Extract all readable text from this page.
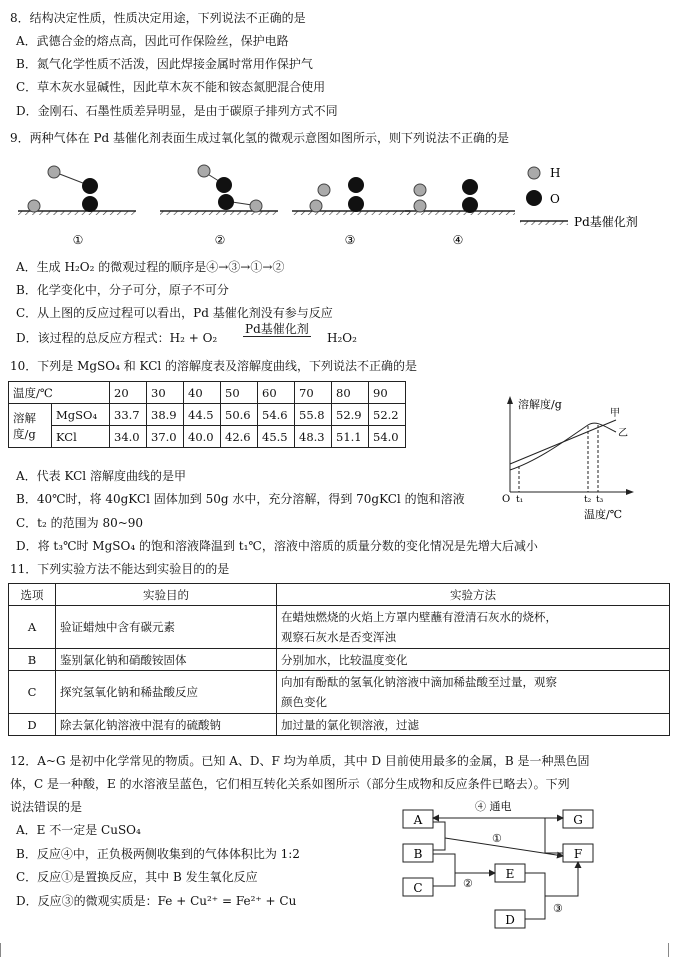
8．结构决定性质，性质决定用途，下列说法不正确的是
A．武德合金的熔点高，因此可作保险丝，保护电路
B．氮气化学性质不活泼，因此焊接金属时常用作保护气
C．草木灰水显碱性，因此草木灰不能和铵态氮肥混合使用
D．金刚石、石墨性质差异明显，是由于碳原子排列方式不同
9．两种气体在 Pd 基催化剂表面生成过氧化氢的微观示意图如图所示，则下列说法不正确的是
①	②	③	④
H
O
Pd基催化剂
A．生成 H₂O₂ 的微观过程的顺序是④→③→①→②
B．化学变化中，分子可分，原子不可分
C．从上图的反应过程可以看出，Pd 基催化剂没有参与反应
D．该过程的总反应方程式：H₂ + O₂
Pd基催化剂
H₂O₂
10．下列是 MgSO₄ 和 KCl 的溶解度表及溶解度曲线，下列说法不正确的是
温度/℃		20	30	40	50	60	70	80	90
溶解度/g	MgSO₄	33.7	38.9	44.5	50.6	54.6	55.8	52.9	52.2
	KCl	34.0	37.0	40.0	42.6	45.5	48.3	51.1	54.0
溶解度/g
甲
乙
O t₁	t₂ t₃
温度/℃
A．代表 KCl 溶解度曲线的是甲
B．40℃时，将 40gKCl 固体加到 50g 水中，充分溶解，得到 70gKCl 的饱和溶液
C．t₂ 的范围为 80~90
D．将 t₃℃时 MgSO₄ 的饱和溶液降温到 t₁℃，溶液中溶质的质量分数的变化情况是先增大后减小
11．下列实验方法不能达到实验目的的是
选项	实验目的	实验方法
A	验证蜡烛中含有碳元素	在蜡烛燃烧的火焰上方罩内壁蘸有澄清石灰水的烧杯，
观察石灰水是否变浑浊

B	鉴别氯化钠和硝酸铵固体	分别加水，比较温度变化
C	探究氢氧化钠和稀盐酸反应	向加有酚酞的氢氧化钠溶液中滴加稀盐酸至过量，观察
颜色变化

D	除去氯化钠溶液中混有的硫酸钠	加过量的氯化钡溶液，过滤
12．A~G 是初中化学常见的物质。已知 A、D、F 均为单质，其中 D 目前使用最多的金属，B 是一种黑色固
体，C 是一种酸，E 的水溶液呈蓝色，它们相互转化关系如图所示（部分生成物和反应条件已略去）。下列
说法错误的是
A．E 不一定是 CuSO₄
B．反应④中，正负极两侧收集到的气体体积比为 1:2
C．反应①是置换反应，其中 B 发生氧化反应
D．反应③的微观实质是：Fe + Cu²⁺ = Fe²⁺ + Cu
A	G
B	F
C
E
D
④ 通电
①
②
③
